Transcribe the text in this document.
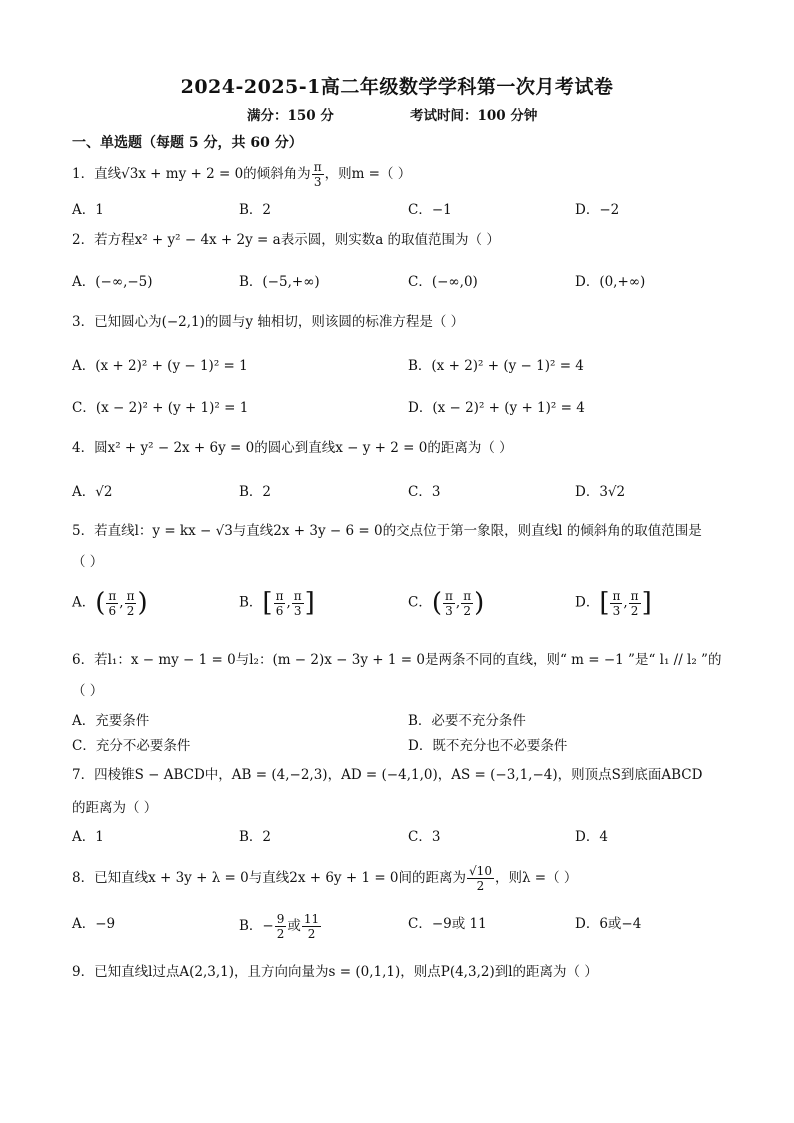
2024-2025-1高二年级数学学科第一次月考试卷
满分：150 分	考试时间：100 分钟
一、单选题（每题 5 分，共 60 分）
1．直线√3x + my + 2 = 0的倾斜角为 $\frac{\pi}{3}$ ，则m =（ ）
A．1	B．2	C．−1	D．−2
2．若方程x² + y² − 4x + 2y = a表示圆，则实数a 的取值范围为（ ）
A．(−∞,−5)	B．(−5,+∞)	C．(−∞,0)	D．(0,+∞)
3．已知圆心为(−2,1)的圆与y 轴相切，则该圆的标准方程是（ ）
A．(x + 2)² + (y − 1)² = 1	B．(x + 2)² + (y − 1)² = 4
C．(x − 2)² + (y + 1)² = 1	D．(x − 2)² + (y + 1)² = 4
4．圆x² + y² − 2x + 6y = 0的圆心到直线x − y + 2 = 0的距离为（ ）
A．√2	B．2	C．3	D．3√2
5．若直线l：y = kx − √3与直线2x + 3y − 6 = 0的交点位于第一象限，则直线l 的倾斜角的取值范围是
（ ）
A．( $\frac{\pi}{6}$ , $\frac{\pi}{2}$ )	B．[ $\frac{\pi}{6}$ , $\frac{\pi}{3}$ ]	C．( $\frac{\pi}{3}$ , $\frac{\pi}{2}$ )	D．[ $\frac{\pi}{3}$ , $\frac{\pi}{2}$ ]
6．若l₁：x − my − 1 = 0与l₂：(m − 2)x − 3y + 1 = 0是两条不同的直线，则“ m = −1 ”是“ l₁ // l₂ ”的
（ ）
A．充要条件	B．必要不充分条件
C．充分不必要条件	D．既不充分也不必要条件
7．四棱锥S − ABCD中，AB = (4,−2,3)，AD = (−4,1,0)，AS = (−3,1,−4)，则顶点S到底面ABCD
的距离为（ ）
A．1	B．2	C．3	D．4
8．已知直线x + 3y + λ = 0与直线2x + 6y + 1 = 0间的距离为 $\frac{√10}{2}$ ，则λ =（ ）
A．−9	B．− $\frac{9}{2}$ 或 $\frac{11}{2}$	C．−9或 11	D．6或−4
9．已知直线l过点A(2,3,1)，且方向向量为s = (0,1,1)，则点P(4,3,2)到l的距离为（ ）
